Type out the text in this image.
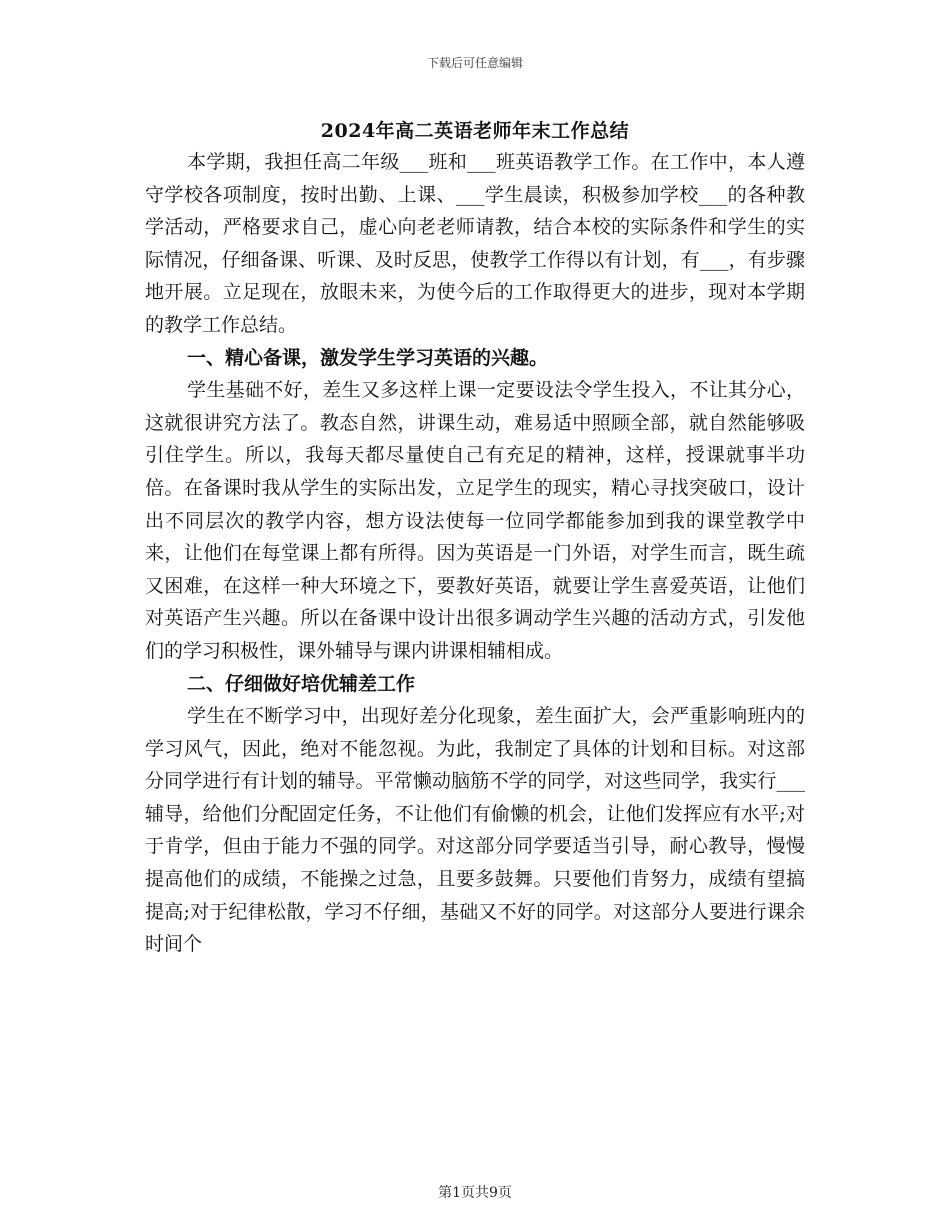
下载后可任意编辑
2024年高二英语老师年末工作总结

本学期，我担任高二年级___班和___班英语教学工作。在工作中，本人遵守学校各项制度，按时出勤、上课、___学生晨读，积极参加学校___的各种教学活动，严格要求自己，虚心向老老师请教，结合本校的实际条件和学生的实际情况，仔细备课、听课、及时反思，使教学工作得以有计划，有___，有步骤地开展。立足现在，放眼未来，为使今后的工作取得更大的进步，现对本学期的教学工作总结。

一、精心备课，激发学生学习英语的兴趣。

学生基础不好，差生又多这样上课一定要设法令学生投入，不让其分心，这就很讲究方法了。教态自然，讲课生动，难易适中照顾全部，就自然能够吸引住学生。所以，我每天都尽量使自己有充足的精神，这样，授课就事半功倍。在备课时我从学生的实际出发，立足学生的现实，精心寻找突破口，设计出不同层次的教学内容，想方设法使每一位同学都能参加到我的课堂教学中来，让他们在每堂课上都有所得。因为英语是一门外语，对学生而言，既生疏又困难，在这样一种大环境之下，要教好英语，就要让学生喜爱英语，让他们对英语产生兴趣。所以在备课中设计出很多调动学生兴趣的活动方式，引发他们的学习积极性，课外辅导与课内讲课相辅相成。

二、仔细做好培优辅差工作

学生在不断学习中，出现好差分化现象，差生面扩大，会严重影响班内的学习风气，因此，绝对不能忽视。为此，我制定了具体的计划和目标。对这部分同学进行有计划的辅导。平常懒动脑筋不学的同学，对这些同学，我实行___辅导，给他们分配固定任务，不让他们有偷懒的机会，让他们发挥应有水平;对于肯学，但由于能力不强的同学。对这部分同学要适当引导，耐心教导，慢慢提高他们的成绩，不能操之过急，且要多鼓舞。只要他们肯努力，成绩有望搞提高;对于纪律松散，学习不仔细，基础又不好的同学。对这部分人要进行课余时间个

第1页共9页
